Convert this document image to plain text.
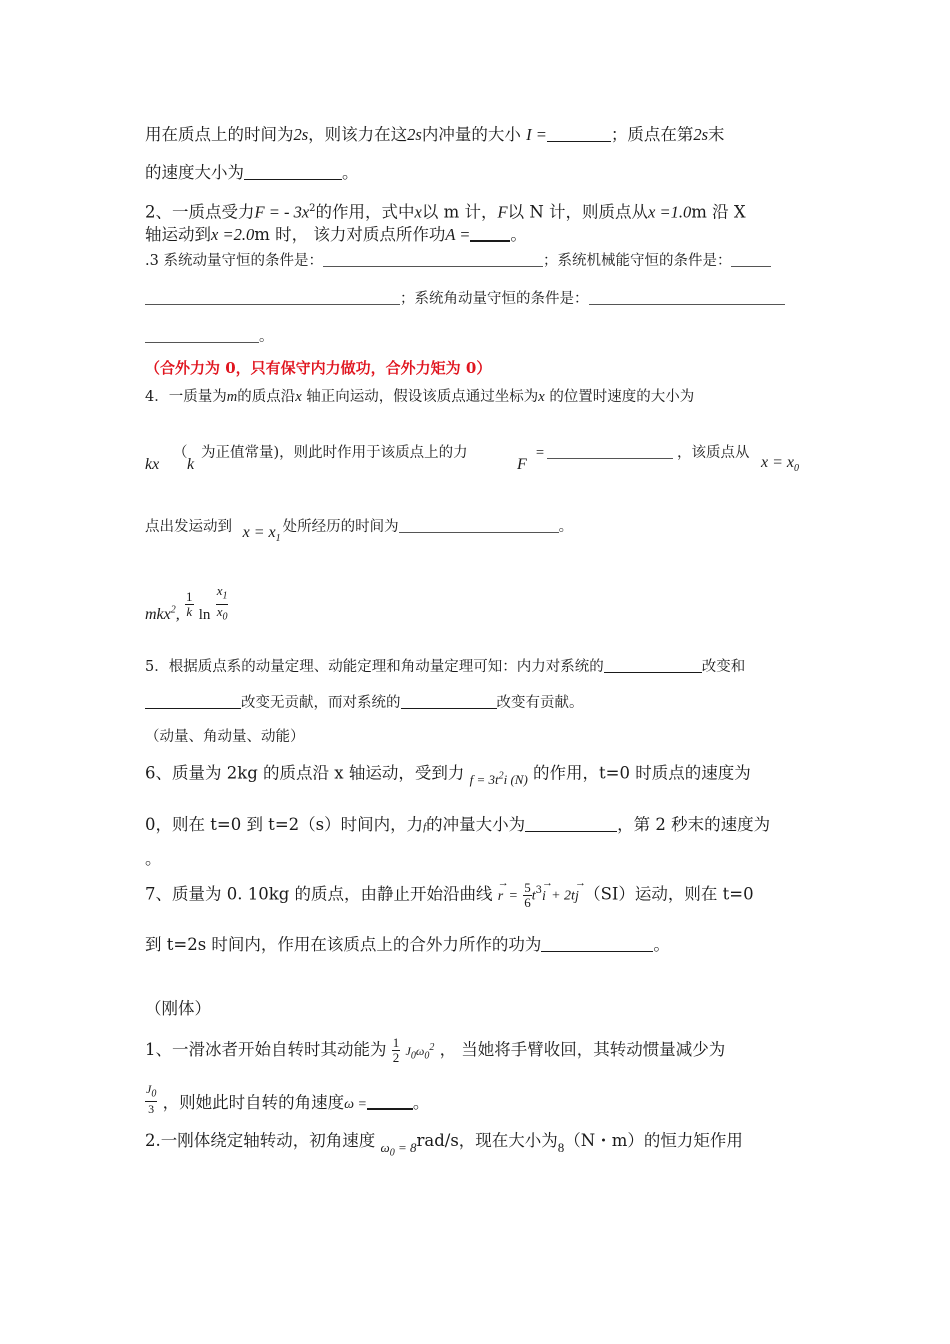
用在质点上的时间为2s，则该力在这2s内冲量的大小 I =	；质点在第2s末
的速度大小为	。
2、一质点受力F = - $3x^2$的作用，式中x以 m 计，F以 N 计，则质点从x =1.0m 沿 X
轴运动到x =2.0m 时， 该力对质点所作功A = 。
.3 系统动量守恒的条件是：	；系统机械能守恒的条件是：
；系统角动量守恒的条件是：
。
（合外力为 0，只有保守内力做功，合外力矩为 0）
4．一质量为m的质点沿x 轴正向运动，假设该质点通过坐标为x 的位置时速度的大小为
kx
（
k
为正值常量)，则此时作用于该质点上的力
F
=	，该质点从
$x = x_0$
点出发运动到 $x = x_1$处所经历的时间为	。
mkx$^2$, $\frac{1}{k}$ $\ln \frac{x_1}{x_0}$
5．根据质点系的动量定理、动能定理和角动量定理可知：内力对系统的	改变和
改变无贡献，而对系统的	改变有贡献。
（动量、角动量、动能）
6、质量为 2kg 的质点沿 x 轴运动，受到力 $_{f = 3t^2i (N)}$ 的作用，t=0 时质点的速度为
0，则在 t=0 到 t=2（s）时间内，力f的冲量大小为	，第 2 秒末的速度为
。
7、质量为 0. 10kg 的质点，由静止开始沿曲线 → $r = \frac{5}{6} t^3\to i + 2t\to j$ （SI）运动，则在 t=0
到 t=2s 时间内，作用在该质点上的合外力所作的功为	。
（刚体）
1、一滑冰者开始自转时其动能为 $\frac{1}{2} J_0\omega_0^2$ ， 当她将手臂收回，其转动惯量减少为
$\frac{J_0}{3}$ ，则她此时自转的角速度ω =	。
2.一刚体绕定轴转动，初角速度 $_{\omega_0 = 8}$rad/s，现在大小为$_8$（N・m）的恒力矩作用
